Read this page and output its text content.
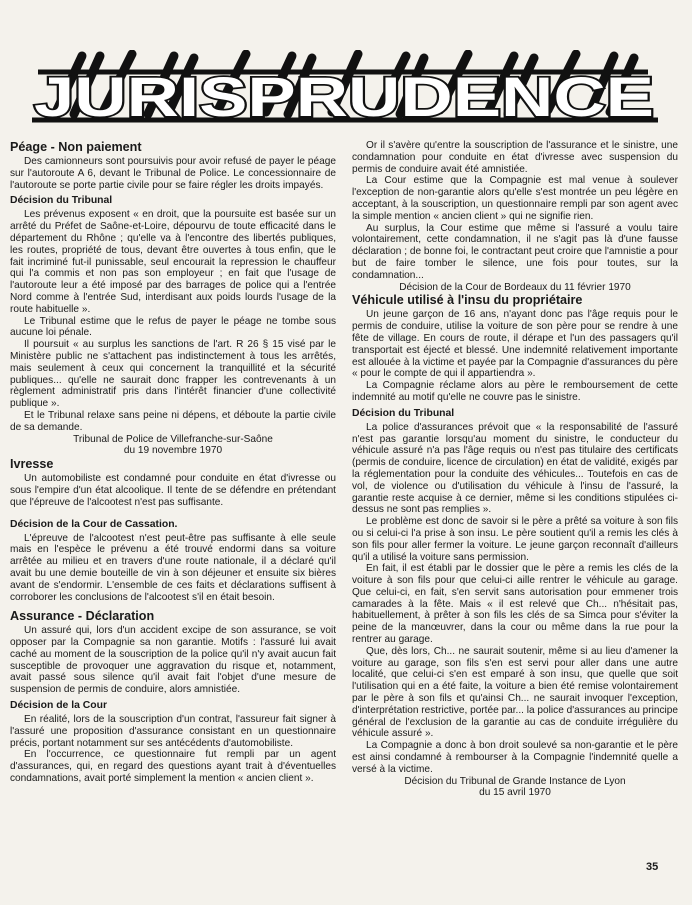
JURISPRUDENCE
Péage - Non paiement

Des camionneurs sont poursuivis pour avoir refusé de payer le péage sur l'autoroute A 6, devant le Tribunal de Police. Le concessionnaire de l'autoroute se porte partie civile pour se faire régler les droits impayés.

Décision du Tribunal

Les prévenus exposent « en droit, que la poursuite est basée sur un arrêté du Préfet de Saône-et-Loire, dépourvu de toute efficacité dans le département du Rhône ; qu'elle va à l'encontre des libertés publiques, les routes, propriété de tous, devant être ouvertes à tous enfin, que le fait incriminé fut-il punissable, seul encourait la repression le chauffeur qui l'a commis et non pas son employeur ; en fait que l'usage de l'autoroute leur a été imposé par des barrages de police qui a l'entrée Nord comme à l'entrée Sud, interdisant aux poids lourds l'usage de la route habituelle ».

Le Tribunal estime que le refus de payer le péage ne tombe sous aucune loi pénale.

Il poursuit « au surplus les sanctions de l'art. R 26 § 15 visé par le Ministère public ne s'attachent pas indistinctement à tous les arrêtés, mais seulement à ceux qui concernent la tranquillité et la sécurité publiques... qu'elle ne saurait donc frapper les contrevenants à un règlement administratif pris dans l'intérêt financier d'une collectivité publique ».

Et le Tribunal relaxe sans peine ni dépens, et déboute la partie civile de sa demande.

Tribunal de Police de Villefranche-sur-Saône

du 19 novembre 1970

Ivresse

Un automobiliste est condamné pour conduite en état d'ivresse ou sous l'empire d'un état alcoolique. Il tente de se défendre en prétendant que l'épreuve de l'alcootest n'est pas suffisante.

Décision de la Cour de Cassation.

L'épreuve de l'alcootest n'est peut-être pas suffisante à elle seule mais en l'espèce le prévenu a été trouvé endormi dans sa voiture arrêtée au milieu et en travers d'une route nationale, il a déclaré qu'il avait bu une demie bouteille de vin à son déjeuner et ensuite six bières avant de s'endormir. L'ensemble de ces faits et déclarations suffisent à corroborer les conclusions de l'alcootest s'il en était besoin.

Assurance - Déclaration

Un assuré qui, lors d'un accident excipe de son assurance, se voit opposer par la Compagnie sa non garantie. Motifs : l'assuré lui avait caché au moment de la souscription de la police qu'il n'y avait aucun fait susceptible de provoquer une aggravation du risque et, notamment, avait passé sous silence qu'il avait fait l'objet d'une mesure de suspension de permis de conduire, alors amnistiée.

Décision de la Cour

En réalité, lors de la souscription d'un contrat, l'assureur fait signer à l'assuré une proposition d'assurance consistant en un questionnaire précis, portant notamment sur ses antécédents d'automobiliste.

En l'occurrence, ce questionnaire fut rempli par un agent d'assurances, qui, en regard des questions ayant trait à d'éventuelles condamnations, avait porté simplement la mention « ancien client ».

Or il s'avère qu'entre la souscription de l'assurance et le sinistre, une condamnation pour conduite en état d'ivresse avec suspension du permis de conduire avait été amnistiée.

La Cour estime que la Compagnie est mal venue à soulever l'exception de non-garantie alors qu'elle s'est montrée un peu légère en acceptant, à la souscription, un questionnaire rempli par son agent avec la simple mention « ancien client » qui ne signifie rien.

Au surplus, la Cour estime que même si l'assuré a voulu taire volontairement, cette condamnation, il ne s'agit pas là d'une fausse déclaration ; de bonne foi, le contractant peut croire que l'amnistie a pour but de faire tomber le silence, une fois pour toutes, sur la condamnation...

Décision de la Cour de Bordeaux du 11 février 1970

Véhicule utilisé à l'insu du propriétaire

Un jeune garçon de 16 ans, n'ayant donc pas l'âge requis pour le permis de conduire, utilise la voiture de son père pour se rendre à une fête de village. En cours de route, il dérape et l'un des passagers qu'il transportait est éjecté et blessé. Une indemnité relativement importante est allouée à la victime et payée par la Compagnie d'assurances du père « pour le compte de qui il appartiendra ».

La Compagnie réclame alors au père le remboursement de cette indemnité au motif qu'elle ne couvre pas le sinistre.

Décision du Tribunal

La police d'assurances prévoit que « la responsabilité de l'assuré n'est pas garantie lorsqu'au moment du sinistre, le conducteur du véhicule assuré n'a pas l'âge requis ou n'est pas titulaire des certificats (permis de conduire, licence de circulation) en état de validité, exigés par la réglementation pour la conduite des véhicules... Toutefois en cas de vol, de violence ou d'utilisation du véhicule à l'insu de l'assuré, la garantie reste acquise à ce dernier, même si les conditions stipulées ci-dessus ne sont pas remplies ».

Le problème est donc de savoir si le père a prêté sa voiture à son fils ou si celui-ci l'a prise à son insu. Le père soutient qu'il a remis les clés à son fils pour aller fermer la voiture. Le jeune garçon reconnaît d'ailleurs qu'il a utilisé la voiture sans permission.

En fait, il est établi par le dossier que le père a remis les clés de la voiture à son fils pour que celui-ci aille rentrer le véhicule au garage. Que celui-ci, en fait, s'en servit sans autorisation pour emmener trois camarades à la fête. Mais « il est relevé que Ch... n'hésitait pas, habituellement, à prêter à son fils les clés de sa Simca pour s'éviter la peine de la manœuvrer, dans la cour ou même dans la rue pour la rentrer au garage.

Que, dès lors, Ch... ne saurait soutenir, même si au lieu d'amener la voiture au garage, son fils s'en est servi pour aller dans une autre localité, que celui-ci s'en est emparé à son insu, que quelle que soit l'utilisation qui en a été faite, la voiture a bien été remise volontairement par le père à son fils et qu'ainsi Ch... ne saurait invoquer l'exception, d'interprétation restrictive, portée par... la police d'assurances au principe général de l'exclusion de la garantie au cas de conduite irrégulière du véhicule assuré ».

La Compagnie a donc à bon droit soulevé sa non-garantie et le père est ainsi condamné à rembourser à la Compagnie l'indemnité quelle a versé à la victime.

Décision du Tribunal de Grande Instance de Lyon

du 15 avril 1970

35
